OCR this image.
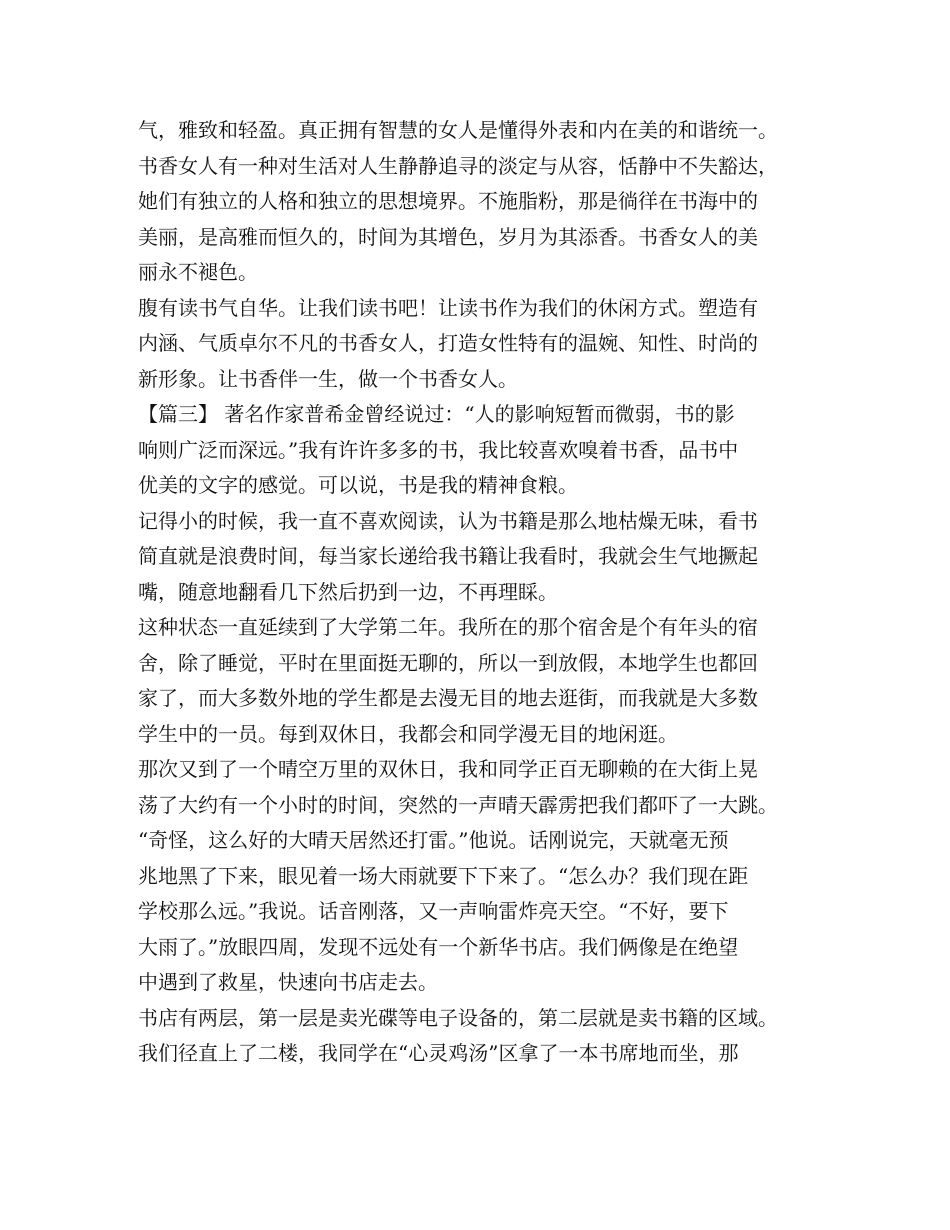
气，雅致和轻盈。真正拥有智慧的女人是懂得外表和内在美的和谐统一。
书香女人有一种对生活对人生静静追寻的淡定与从容，恬静中不失豁达，
她们有独立的人格和独立的思想境界。不施脂粉，那是徜徉在书海中的
美丽，是高雅而恒久的，时间为其增色，岁月为其添香。书香女人的美
丽永不褪色。
腹有读书气自华。让我们读书吧！让读书作为我们的休闲方式。塑造有
内涵、气质卓尔不凡的书香女人，打造女性特有的温婉、知性、时尚的
新形象。让书香伴一生，做一个书香女人。
【篇三】 著名作家普希金曾经说过：“人的影响短暂而微弱，书的影
响则广泛而深远。”我有许许多多的书，我比较喜欢嗅着书香，品书中
优美的文字的感觉。可以说，书是我的精神食粮。
记得小的时候，我一直不喜欢阅读，认为书籍是那么地枯燥无味，看书
简直就是浪费时间，每当家长递给我书籍让我看时，我就会生气地撅起
嘴，随意地翻看几下然后扔到一边，不再理睬。
这种状态一直延续到了大学第二年。我所在的那个宿舍是个有年头的宿
舍，除了睡觉，平时在里面挺无聊的，所以一到放假，本地学生也都回
家了，而大多数外地的学生都是去漫无目的地去逛街，而我就是大多数
学生中的一员。每到双休日，我都会和同学漫无目的地闲逛。
那次又到了一个晴空万里的双休日，我和同学正百无聊赖的在大街上晃
荡了大约有一个小时的时间，突然的一声晴天霹雳把我们都吓了一大跳。
“奇怪，这么好的大晴天居然还打雷。”他说。话刚说完，天就毫无预
兆地黑了下来，眼见着一场大雨就要下下来了。“怎么办？我们现在距
学校那么远。”我说。话音刚落，又一声响雷炸亮天空。“不好，要下
大雨了。”放眼四周，发现不远处有一个新华书店。我们俩像是在绝望
中遇到了救星，快速向书店走去。
书店有两层，第一层是卖光碟等电子设备的，第二层就是卖书籍的区域。
我们径直上了二楼，我同学在“心灵鸡汤”区拿了一本书席地而坐，那
